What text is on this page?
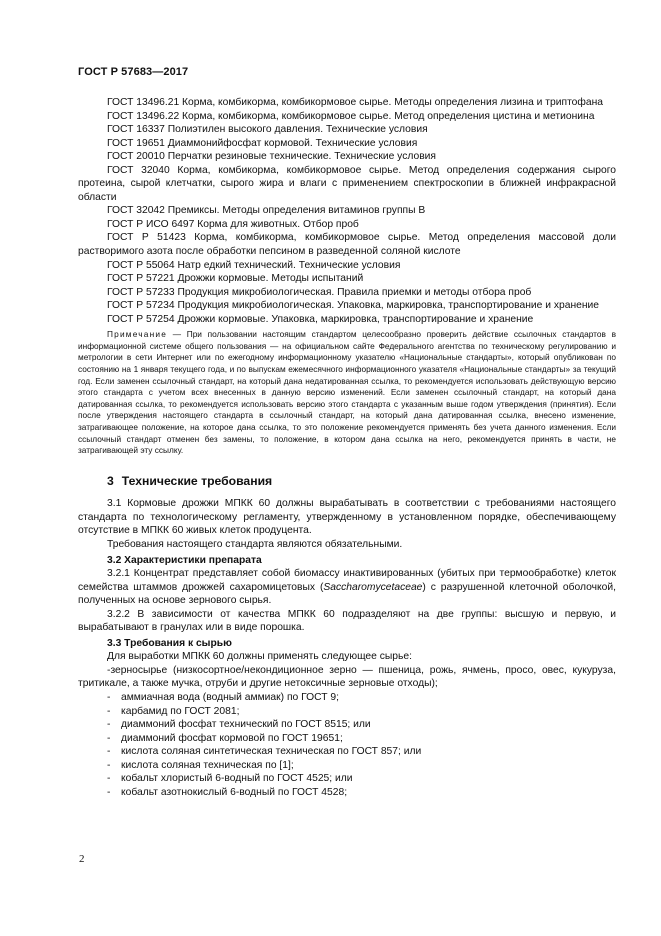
ГОСТ Р 57683—2017

ГОСТ 13496.21 Корма, комбикорма, комбикормовое сырье. Методы определения лизина и триптофана

ГОСТ 13496.22 Корма, комбикорма, комбикормовое сырье. Метод определения цистина и метионина

ГОСТ 16337 Полиэтилен высокого давления. Технические условия

ГОСТ 19651 Диаммонийфосфат кормовой. Технические условия

ГОСТ 20010 Перчатки резиновые технические. Технические условия

ГОСТ 32040 Корма, комбикорма, комбикормовое сырье. Метод определения содержания сырого протеина, сырой клетчатки, сырого жира и влаги с применением спектроскопии в ближней инфракрасной области

ГОСТ 32042 Премиксы. Методы определения витаминов группы В

ГОСТ Р ИСО 6497 Корма для животных. Отбор проб

ГОСТ Р 51423 Корма, комбикорма, комбикормовое сырье. Метод определения массовой доли растворимого азота после обработки пепсином в разведенной соляной кислоте

ГОСТ Р 55064 Натр едкий технический. Технические условия

ГОСТ Р 57221 Дрожжи кормовые. Методы испытаний

ГОСТ Р 57233 Продукция микробиологическая. Правила приемки и методы отбора проб

ГОСТ Р 57234 Продукция микробиологическая. Упаковка, маркировка, транспортирование и хранение

ГОСТ Р 57254 Дрожжи кормовые. Упаковка, маркировка, транспортирование и хранение

Примечание — При пользовании настоящим стандартом целесообразно проверить действие ссылочных стандартов в информационной системе общего пользования — на официальном сайте Федерального агентства по техническому регулированию и метрологии в сети Интернет или по ежегодному информационному указателю «Национальные стандарты», который опубликован по состоянию на 1 января текущего года, и по выпускам ежемесячного информационного указателя «Национальные стандарты» за текущий год. Если заменен ссылочный стандарт, на который дана недатированная ссылка, то рекомендуется использовать действующую версию этого стандарта с учетом всех внесенных в данную версию изменений. Если заменен ссылочный стандарт, на который дана датированная ссылка, то рекомендуется использовать версию этого стандарта с указанным выше годом утверждения (принятия). Если после утверждения настоящего стандарта в ссылочный стандарт, на который дана датированная ссылка, внесено изменение, затрагивающее положение, на которое дана ссылка, то это положение рекомендуется применять без учета данного изменения. Если ссылочный стандарт отменен без замены, то положение, в котором дана ссылка на него, рекомендуется принять в части, не затрагивающей эту ссылку.

3 Технические требования

3.1 Кормовые дрожжи МПКК 60 должны вырабатывать в соответствии с требованиями настоящего стандарта по технологическому регламенту, утвержденному в установленном порядке, обеспечивающему отсутствие в МПКК 60 живых клеток продуцента.

Требования настоящего стандарта являются обязательными.

3.2 Характеристики препарата

3.2.1 Концентрат представляет собой биомассу инактивированных (убитых при термообработке) клеток семейства штаммов дрожжей сахаромицетовых (Saccharomycetaceae) с разрушенной клеточной оболочкой, полученных на основе зернового сырья.

3.2.2 В зависимости от качества МПКК 60 подразделяют на две группы: высшую и первую, и вырабатывают в гранулах или в виде порошка.

3.3 Требования к сырью

Для выработки МПКК 60 должны применять следующее сырье:

-зерносырье (низкосортное/некондиционное зерно — пшеница, рожь, ячмень, просо, овес, кукуруза, тритикале, а также мучка, отруби и другие нетоксичные зерновые отходы);

- аммиачная вода (водный аммиак) по ГОСТ 9;

- карбамид по ГОСТ 2081;

- диаммоний фосфат технический по ГОСТ 8515; или

- диаммоний фосфат кормовой по ГОСТ 19651;

- кислота соляная синтетическая техническая по ГОСТ 857; или

- кислота соляная техническая по [1];

- кобальт хлористый 6-водный по ГОСТ 4525; или

- кобальт азотнокислый 6-водный по ГОСТ 4528;

2
